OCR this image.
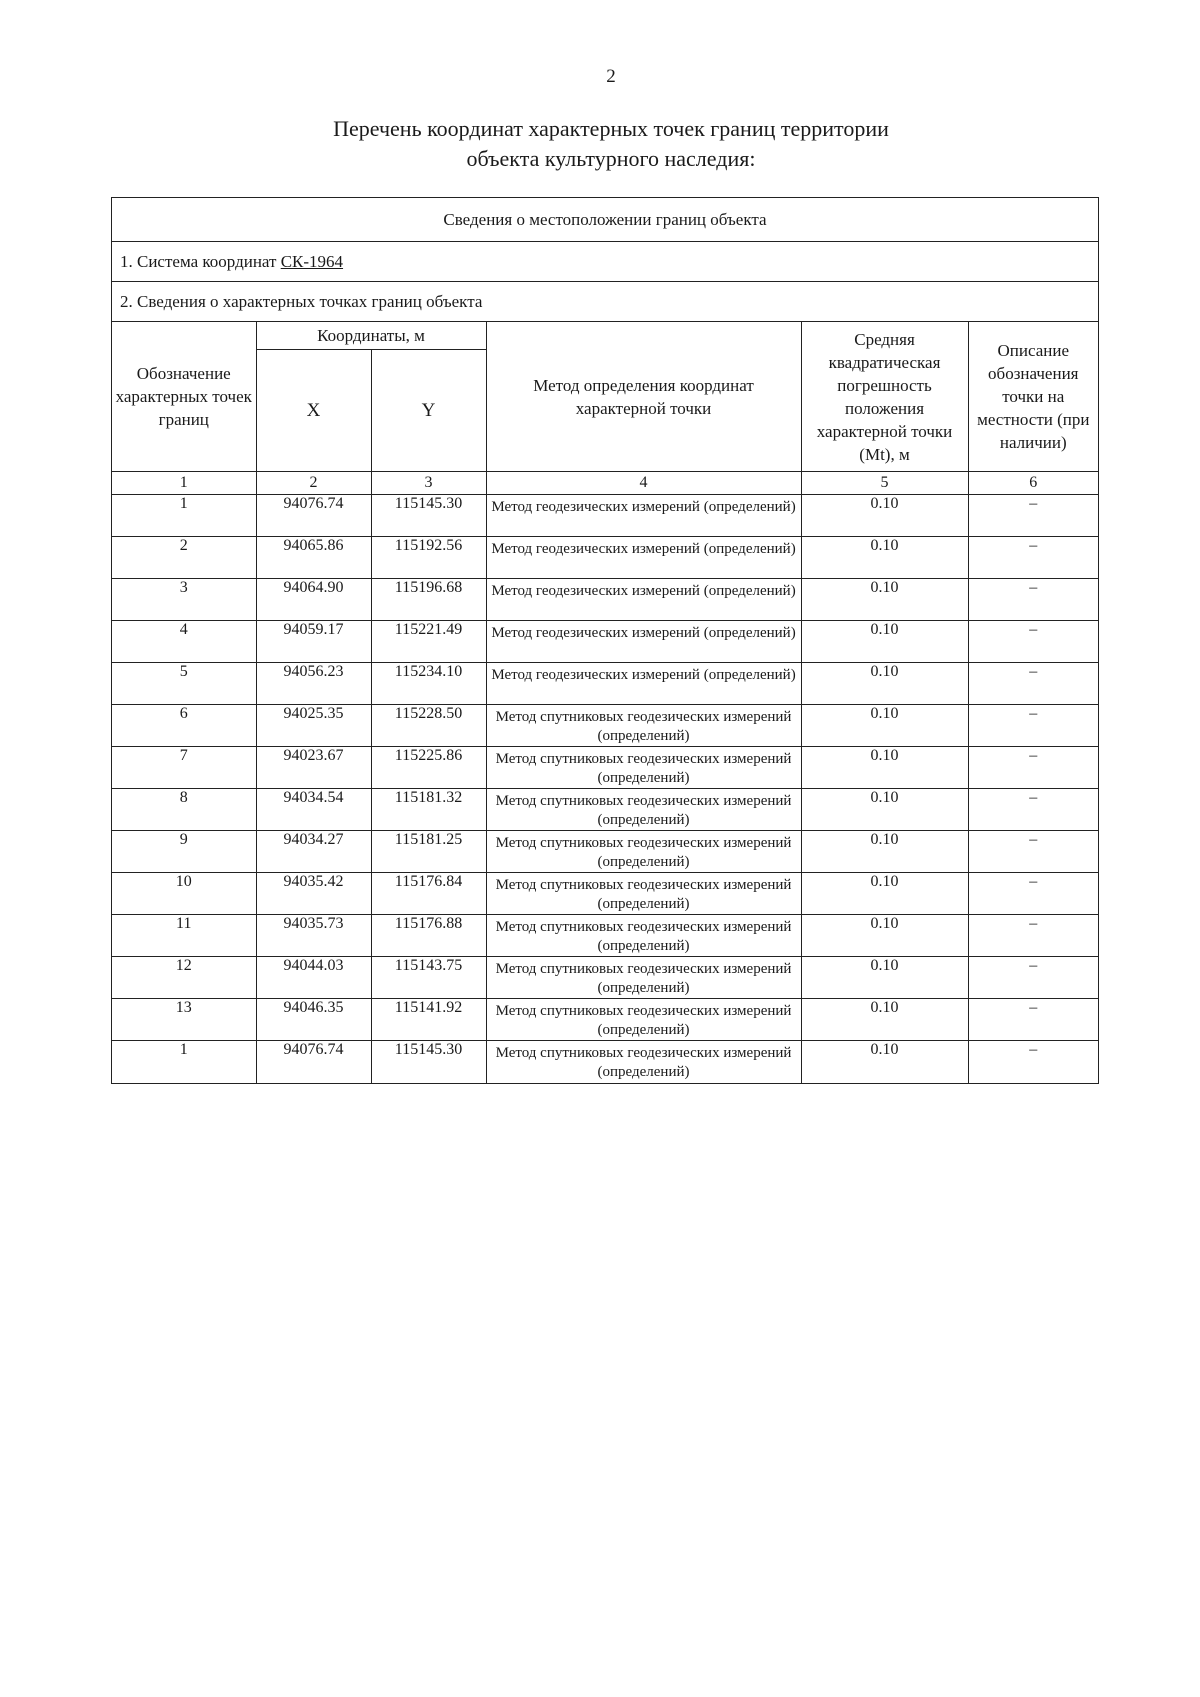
2
Перечень координат характерных точек границ территории
объекта культурного наследия:
Сведения о местоположении границ объекта
1. Система координат СК-1964
2. Сведения о характерных точках границ объекта
Обозначение характерных точек границ	Координаты, м		Метод определения координат характерной точки	Средняя квадратическая погрешность положения характерной точки (Mt), м	Описание обозначения точки на местности (при наличии)
	X	Y			
1	2	3	4	5	6
1	94076.74	115145.30	Метод геодезических измерений (определений)	0.10	–
2	94065.86	115192.56	Метод геодезических измерений (определений)	0.10	–
3	94064.90	115196.68	Метод геодезических измерений (определений)	0.10	–
4	94059.17	115221.49	Метод геодезических измерений (определений)	0.10	–
5	94056.23	115234.10	Метод геодезических измерений (определений)	0.10	–
6	94025.35	115228.50	Метод спутниковых геодезических измерений (определений)	0.10	–
7	94023.67	115225.86	Метод спутниковых геодезических измерений (определений)	0.10	–
8	94034.54	115181.32	Метод спутниковых геодезических измерений (определений)	0.10	–
9	94034.27	115181.25	Метод спутниковых геодезических измерений (определений)	0.10	–
10	94035.42	115176.84	Метод спутниковых геодезических измерений (определений)	0.10	–
11	94035.73	115176.88	Метод спутниковых геодезических измерений (определений)	0.10	–
12	94044.03	115143.75	Метод спутниковых геодезических измерений (определений)	0.10	–
13	94046.35	115141.92	Метод спутниковых геодезических измерений (определений)	0.10	–
1	94076.74	115145.30	Метод спутниковых геодезических измерений (определений)	0.10	–
